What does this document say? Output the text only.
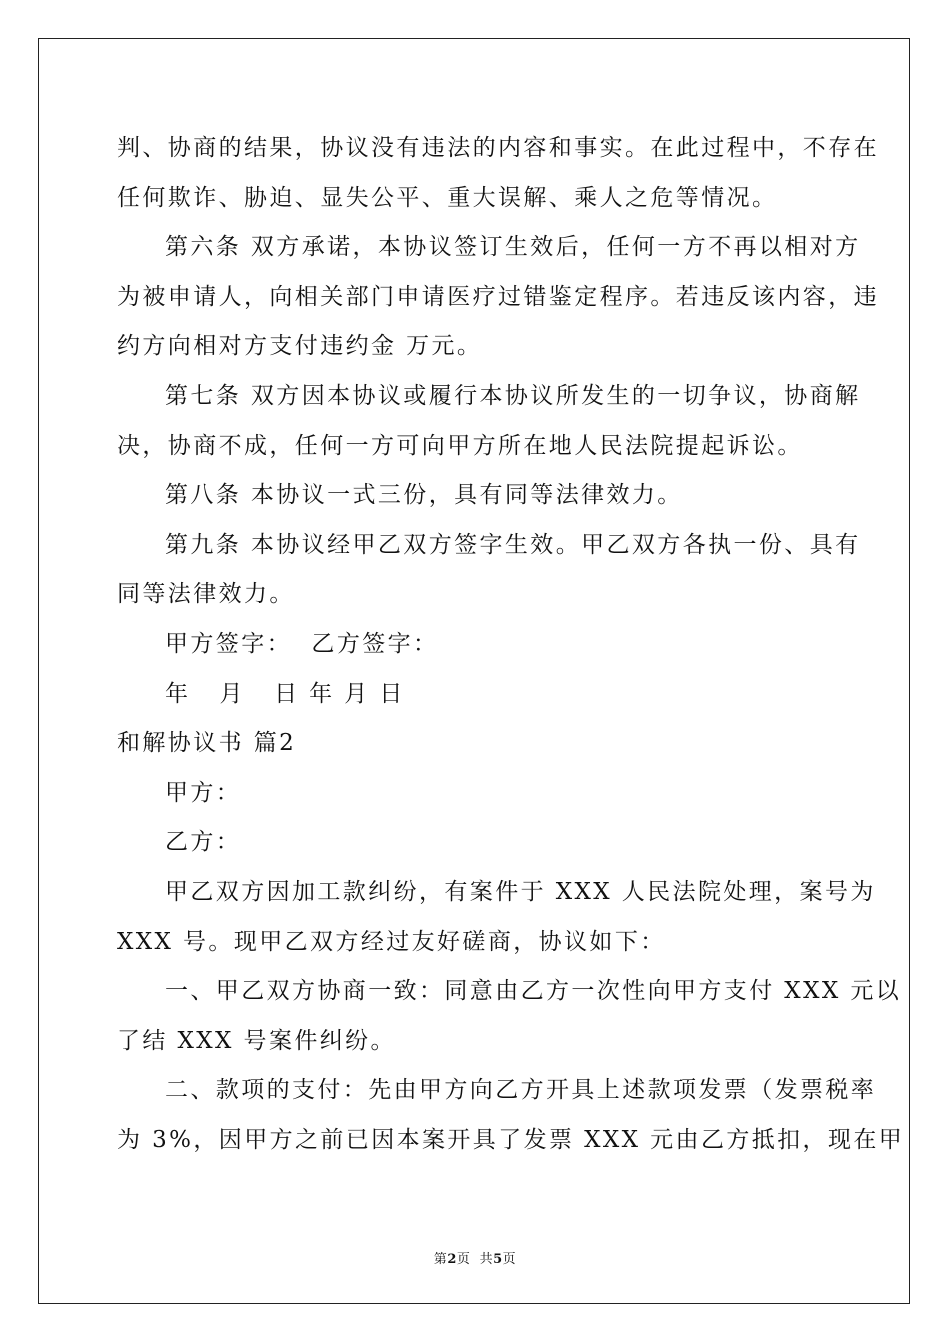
判、协商的结果，协议没有违法的内容和事实。在此过程中，不存在
任何欺诈、胁迫、显失公平、重大误解、乘人之危等情况。
第六条 双方承诺，本协议签订生效后，任何一方不再以相对方
为被申请人，向相关部门申请医疗过错鉴定程序。若违反该内容，违
约方向相对方支付违约金 万元。
第七条 双方因本协议或履行本协议所发生的一切争议，协商解
决，协商不成，任何一方可向甲方所在地人民法院提起诉讼。
第八条 本协议一式三份，具有同等法律效力。
第九条 本协议经甲乙双方签字生效。甲乙双方各执一份、具有
同等法律效力。
甲方签字：  乙方签字：
年   月   日 年 月 日
和解协议书 篇2
甲方：
乙方：
甲乙双方因加工款纠纷，有案件于 XXX 人民法院处理，案号为
XXX 号。现甲乙双方经过友好磋商，协议如下：
一、甲乙双方协商一致：同意由乙方一次性向甲方支付 XXX 元以
了结 XXX 号案件纠纷。
二、款项的支付：先由甲方向乙方开具上述款项发票（发票税率
为 3%，因甲方之前已因本案开具了发票 XXX 元由乙方抵扣，现在甲
第2页  共5页
